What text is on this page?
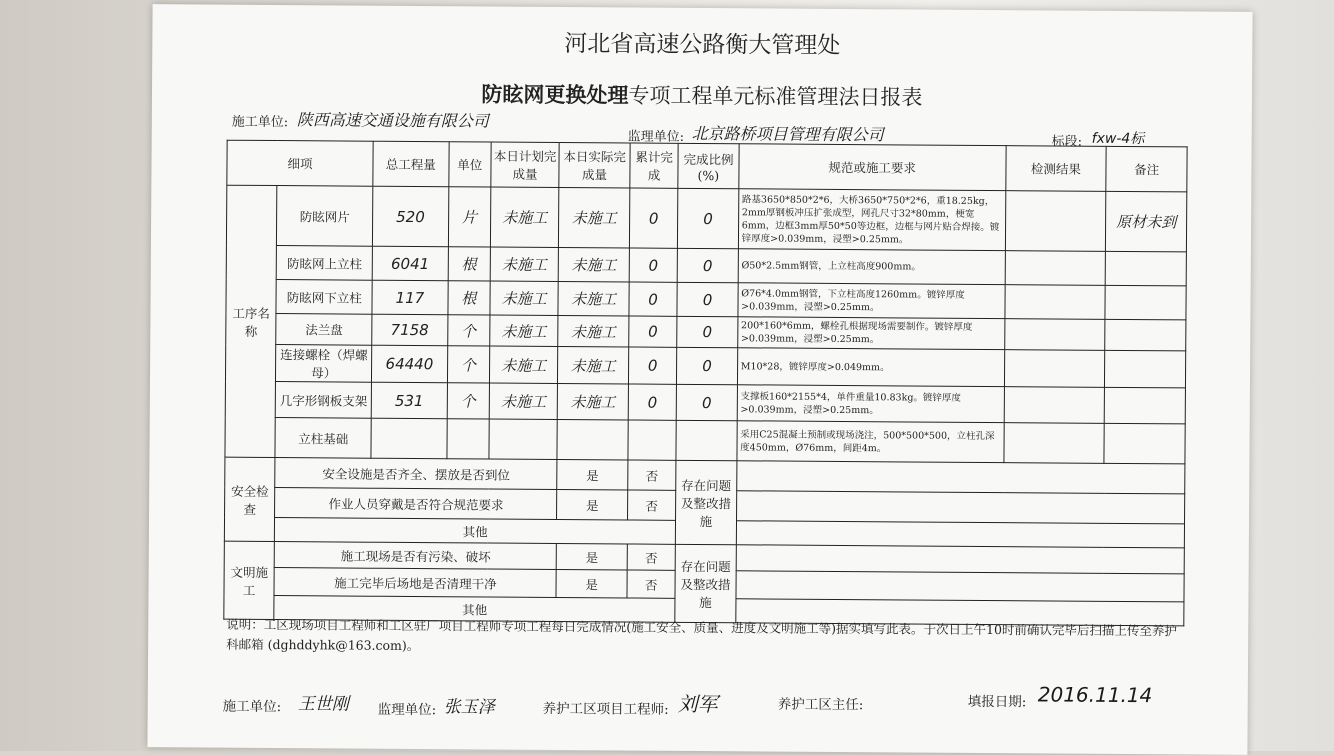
河北省高速公路衡大管理处
防眩网更换处理专项工程单元标准管理法日报表
施工单位: 陕西高速交通设施有限公司
监理单位: 北京路桥项目管理有限公司	标段: fxw-4标
细项		总工程量	单位	本日计划完成量	本日实际完成量	累计完成	完成比例(%)	规范或施工要求	检测结果	备注
工序名称	防眩网片	520	片	未施工	未施工	0	0	路基3650*850*2*6，大桥3650*750*2*6，重18.25kg，2mm厚钢板冲压扩张成型，网孔尺寸32*80mm，梗宽6mm，边框3mm厚50*50等边框，边框与网片贴合焊接。镀锌厚度>0.039mm，浸塑>0.25mm。		原材未到
	防眩网上立柱	6041	根	未施工	未施工	0	0	Ø50*2.5mm钢管，上立柱高度900mm。		
	防眩网下立柱	117	根	未施工	未施工	0	0	Ø76*4.0mm钢管，下立柱高度1260mm。镀锌厚度>0.039mm，浸塑>0.25mm。		
	法兰盘	7158	个	未施工	未施工	0	0	200*160*6mm，螺栓孔根据现场需要制作。镀锌厚度>0.039mm，浸塑>0.25mm。		
	连接螺栓（焊螺母）	64440	个	未施工	未施工	0	0	M10*28，镀锌厚度>0.049mm。		
	几字形钢板支架	531	个	未施工	未施工	0	0	支撑板160*2155*4，单件重量10.83kg。镀锌厚度>0.039mm，浸塑>0.25mm。		
	立柱基础							采用C25混凝土预制或现场浇注，500*500*500，立柱孔深度450mm，Ø76mm，间距4m。		
安全检查	安全设施是否齐全、摆放是否到位				是	否	存在问题及整改措施			
	作业人员穿戴是否符合规范要求				是	否				
	其他									
文明施工	施工现场是否有污染、破坏				是	否	存在问题及整改措施			
	施工完毕后场地是否清理干净				是	否				
	其他									
说明：工区现场项目工程师和工区驻厂项目工程师专项工程每日完成情况(施工安全、质量、进度及文明施工等)据实填写此表。于次日上午10时前确认完毕后扫描上传至养护科邮箱 (dghddyhk@163.com)。
施工单位: 王世刚 监理单位: 张玉泽	养护工区项目工程师: 刘军	养护工区主任:	填报日期: 2016.11.14
